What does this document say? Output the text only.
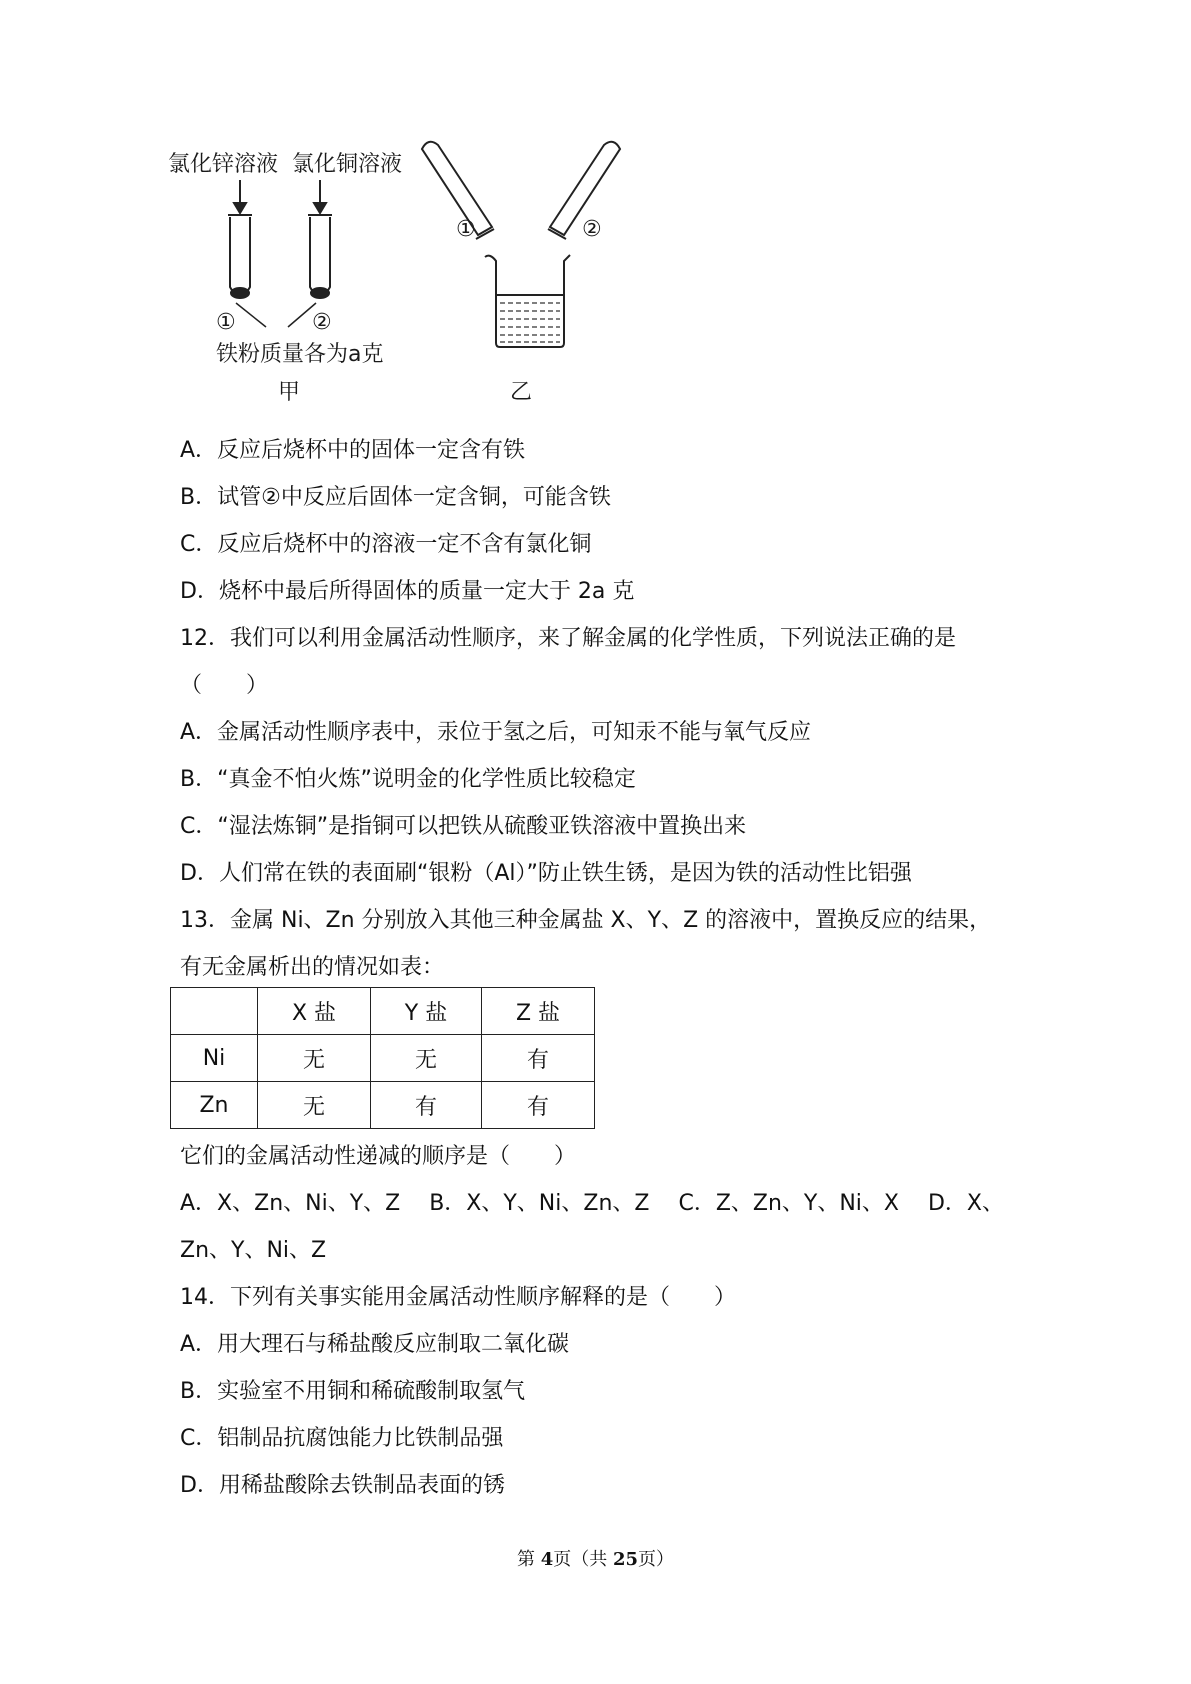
氯化锌溶液 氯化铜溶液
①	②
铁粉质量各为a克
甲	乙
①	②
A．反应后烧杯中的固体一定含有铁
B．试管②中反应后固体一定含铜，可能含铁
C．反应后烧杯中的溶液一定不含有氯化铜
D．烧杯中最后所得固体的质量一定大于 2a 克
12．我们可以利用金属活动性顺序，来了解金属的化学性质，下列说法正确的是
（　　）
A．金属活动性顺序表中，汞位于氢之后，可知汞不能与氧气反应
B．“真金不怕火炼”说明金的化学性质比较稳定
C．“湿法炼铜”是指铜可以把铁从硫酸亚铁溶液中置换出来
D．人们常在铁的表面刷“银粉（Al）”防止铁生锈，是因为铁的活动性比铝强
13．金属 Ni、Zn 分别放入其他三种金属盐 X、Y、Z 的溶液中，置换反应的结果，
有无金属析出的情况如表：
	X 盐	Y 盐	Z 盐
Ni	无	无	有
Zn	无	有	有
它们的金属活动性递减的顺序是（　　）
A．X、Zn、Ni、Y、Z　 B．X、Y、Ni、Zn、Z　 C．Z、Zn、Y、Ni、X　 D．X、
Zn、Y、Ni、Z
14．下列有关事实能用金属活动性顺序解释的是（　　）
A．用大理石与稀盐酸反应制取二氧化碳
B．实验室不用铜和稀硫酸制取氢气
C．铝制品抗腐蚀能力比铁制品强
D．用稀盐酸除去铁制品表面的锈
第 4页（共 25页）
